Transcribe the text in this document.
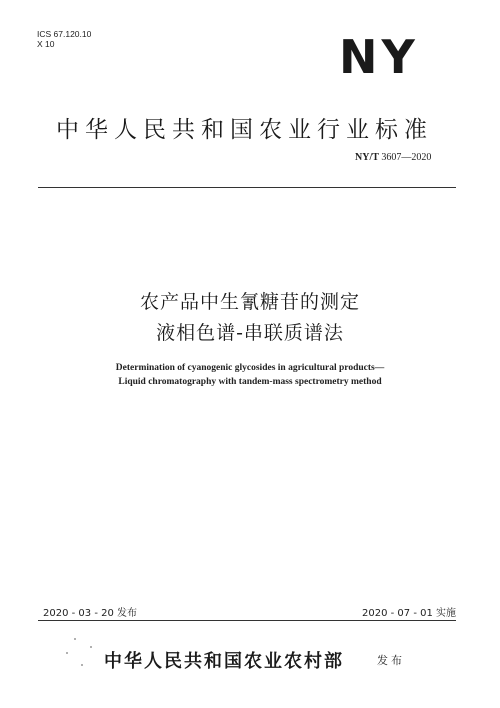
ICS 67.120.10
X 10	NY
中华人民共和国农业行业标准
NY/T 3607—2020
农产品中生氰糖苷的测定
液相色谱-串联质谱法
Determination of cyanogenic glycosides in agricultural products—
Liquid chromatography with tandem-mass spectrometry method
2020 - 03 - 20 发布	2020 - 07 - 01 实施
中华人民共和国农业农村部	发布
